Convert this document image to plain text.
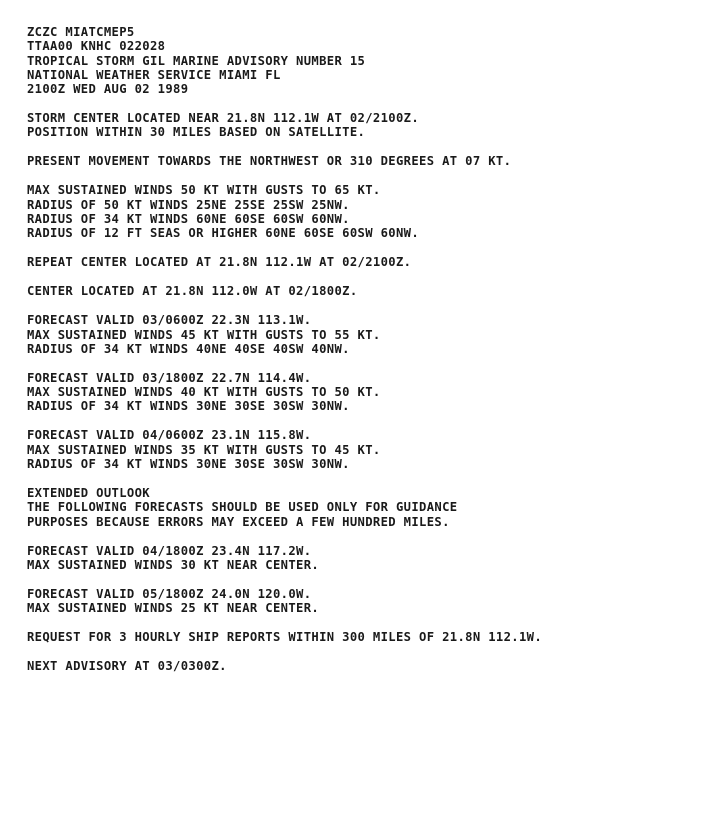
ZCZC MIATCMEP5
TTAA00 KNHC 022028
TROPICAL STORM GIL MARINE ADVISORY NUMBER 15
NATIONAL WEATHER SERVICE MIAMI FL
2100Z WED AUG 02 1989
STORM CENTER LOCATED NEAR 21.8N 112.1W AT 02/2100Z.
POSITION WITHIN 30 MILES BASED ON SATELLITE.
PRESENT MOVEMENT TOWARDS THE NORTHWEST OR 310 DEGREES AT 07 KT.
MAX SUSTAINED WINDS 50 KT WITH GUSTS TO 65 KT.
RADIUS OF 50 KT WINDS 25NE 25SE 25SW 25NW.
RADIUS OF 34 KT WINDS 60NE 60SE 60SW 60NW.
RADIUS OF 12 FT SEAS OR HIGHER 60NE 60SE 60SW 60NW.
REPEAT CENTER LOCATED AT 21.8N 112.1W AT 02/2100Z.
CENTER LOCATED AT 21.8N 112.0W AT 02/1800Z.
FORECAST VALID 03/0600Z 22.3N 113.1W.
MAX SUSTAINED WINDS 45 KT WITH GUSTS TO 55 KT.
RADIUS OF 34 KT WINDS 40NE 40SE 40SW 40NW.
FORECAST VALID 03/1800Z 22.7N 114.4W.
MAX SUSTAINED WINDS 40 KT WITH GUSTS TO 50 KT.
RADIUS OF 34 KT WINDS 30NE 30SE 30SW 30NW.
FORECAST VALID 04/0600Z 23.1N 115.8W.
MAX SUSTAINED WINDS 35 KT WITH GUSTS TO 45 KT.
RADIUS OF 34 KT WINDS 30NE 30SE 30SW 30NW.
EXTENDED OUTLOOK
THE FOLLOWING FORECASTS SHOULD BE USED ONLY FOR GUIDANCE
PURPOSES BECAUSE ERRORS MAY EXCEED A FEW HUNDRED MILES.
FORECAST VALID 04/1800Z 23.4N 117.2W.
MAX SUSTAINED WINDS 30 KT NEAR CENTER.
FORECAST VALID 05/1800Z 24.0N 120.0W.
MAX SUSTAINED WINDS 25 KT NEAR CENTER.
REQUEST FOR 3 HOURLY SHIP REPORTS WITHIN 300 MILES OF 21.8N 112.1W.
NEXT ADVISORY AT 03/0300Z.
